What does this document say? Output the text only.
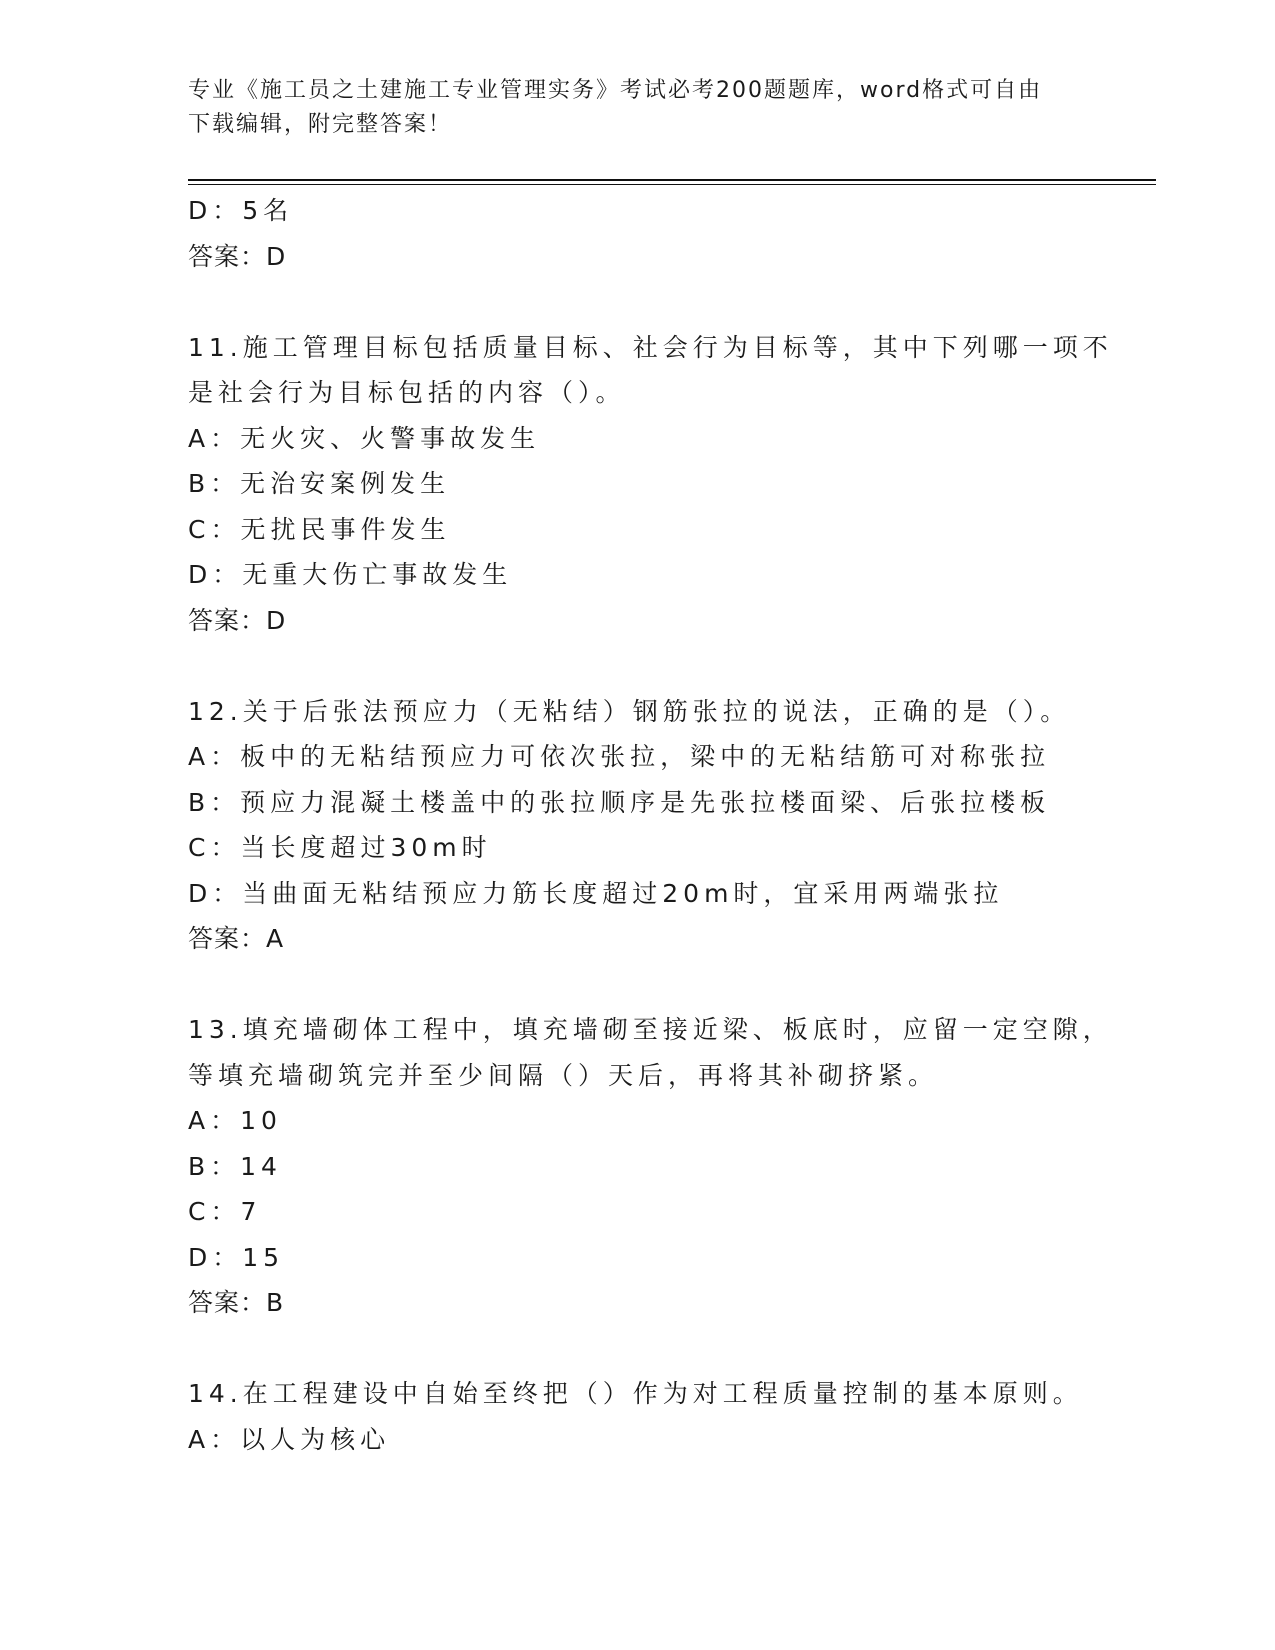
专业《施工员之土建施工专业管理实务》考试必考200题题库，word格式可自由
下载编辑，附完整答案！
D：5名
答案：D
11.施工管理目标包括质量目标、社会行为目标等，其中下列哪一项不
是社会行为目标包括的内容（）。
A：无火灾、火警事故发生
B：无治安案例发生
C：无扰民事件发生
D：无重大伤亡事故发生
答案：D
12.关于后张法预应力（无粘结）钢筋张拉的说法，正确的是（）。
A：板中的无粘结预应力可依次张拉，梁中的无粘结筋可对称张拉
B：预应力混凝土楼盖中的张拉顺序是先张拉楼面梁、后张拉楼板
C：当长度超过30m时
D：当曲面无粘结预应力筋长度超过20m时，宜采用两端张拉
答案：A
13.填充墙砌体工程中，填充墙砌至接近梁、板底时，应留一定空隙，
等填充墙砌筑完并至少间隔（）天后，再将其补砌挤紧。
A：10
B：14
C：7
D：15
答案：B
14.在工程建设中自始至终把（）作为对工程质量控制的基本原则。
A：以人为核心
